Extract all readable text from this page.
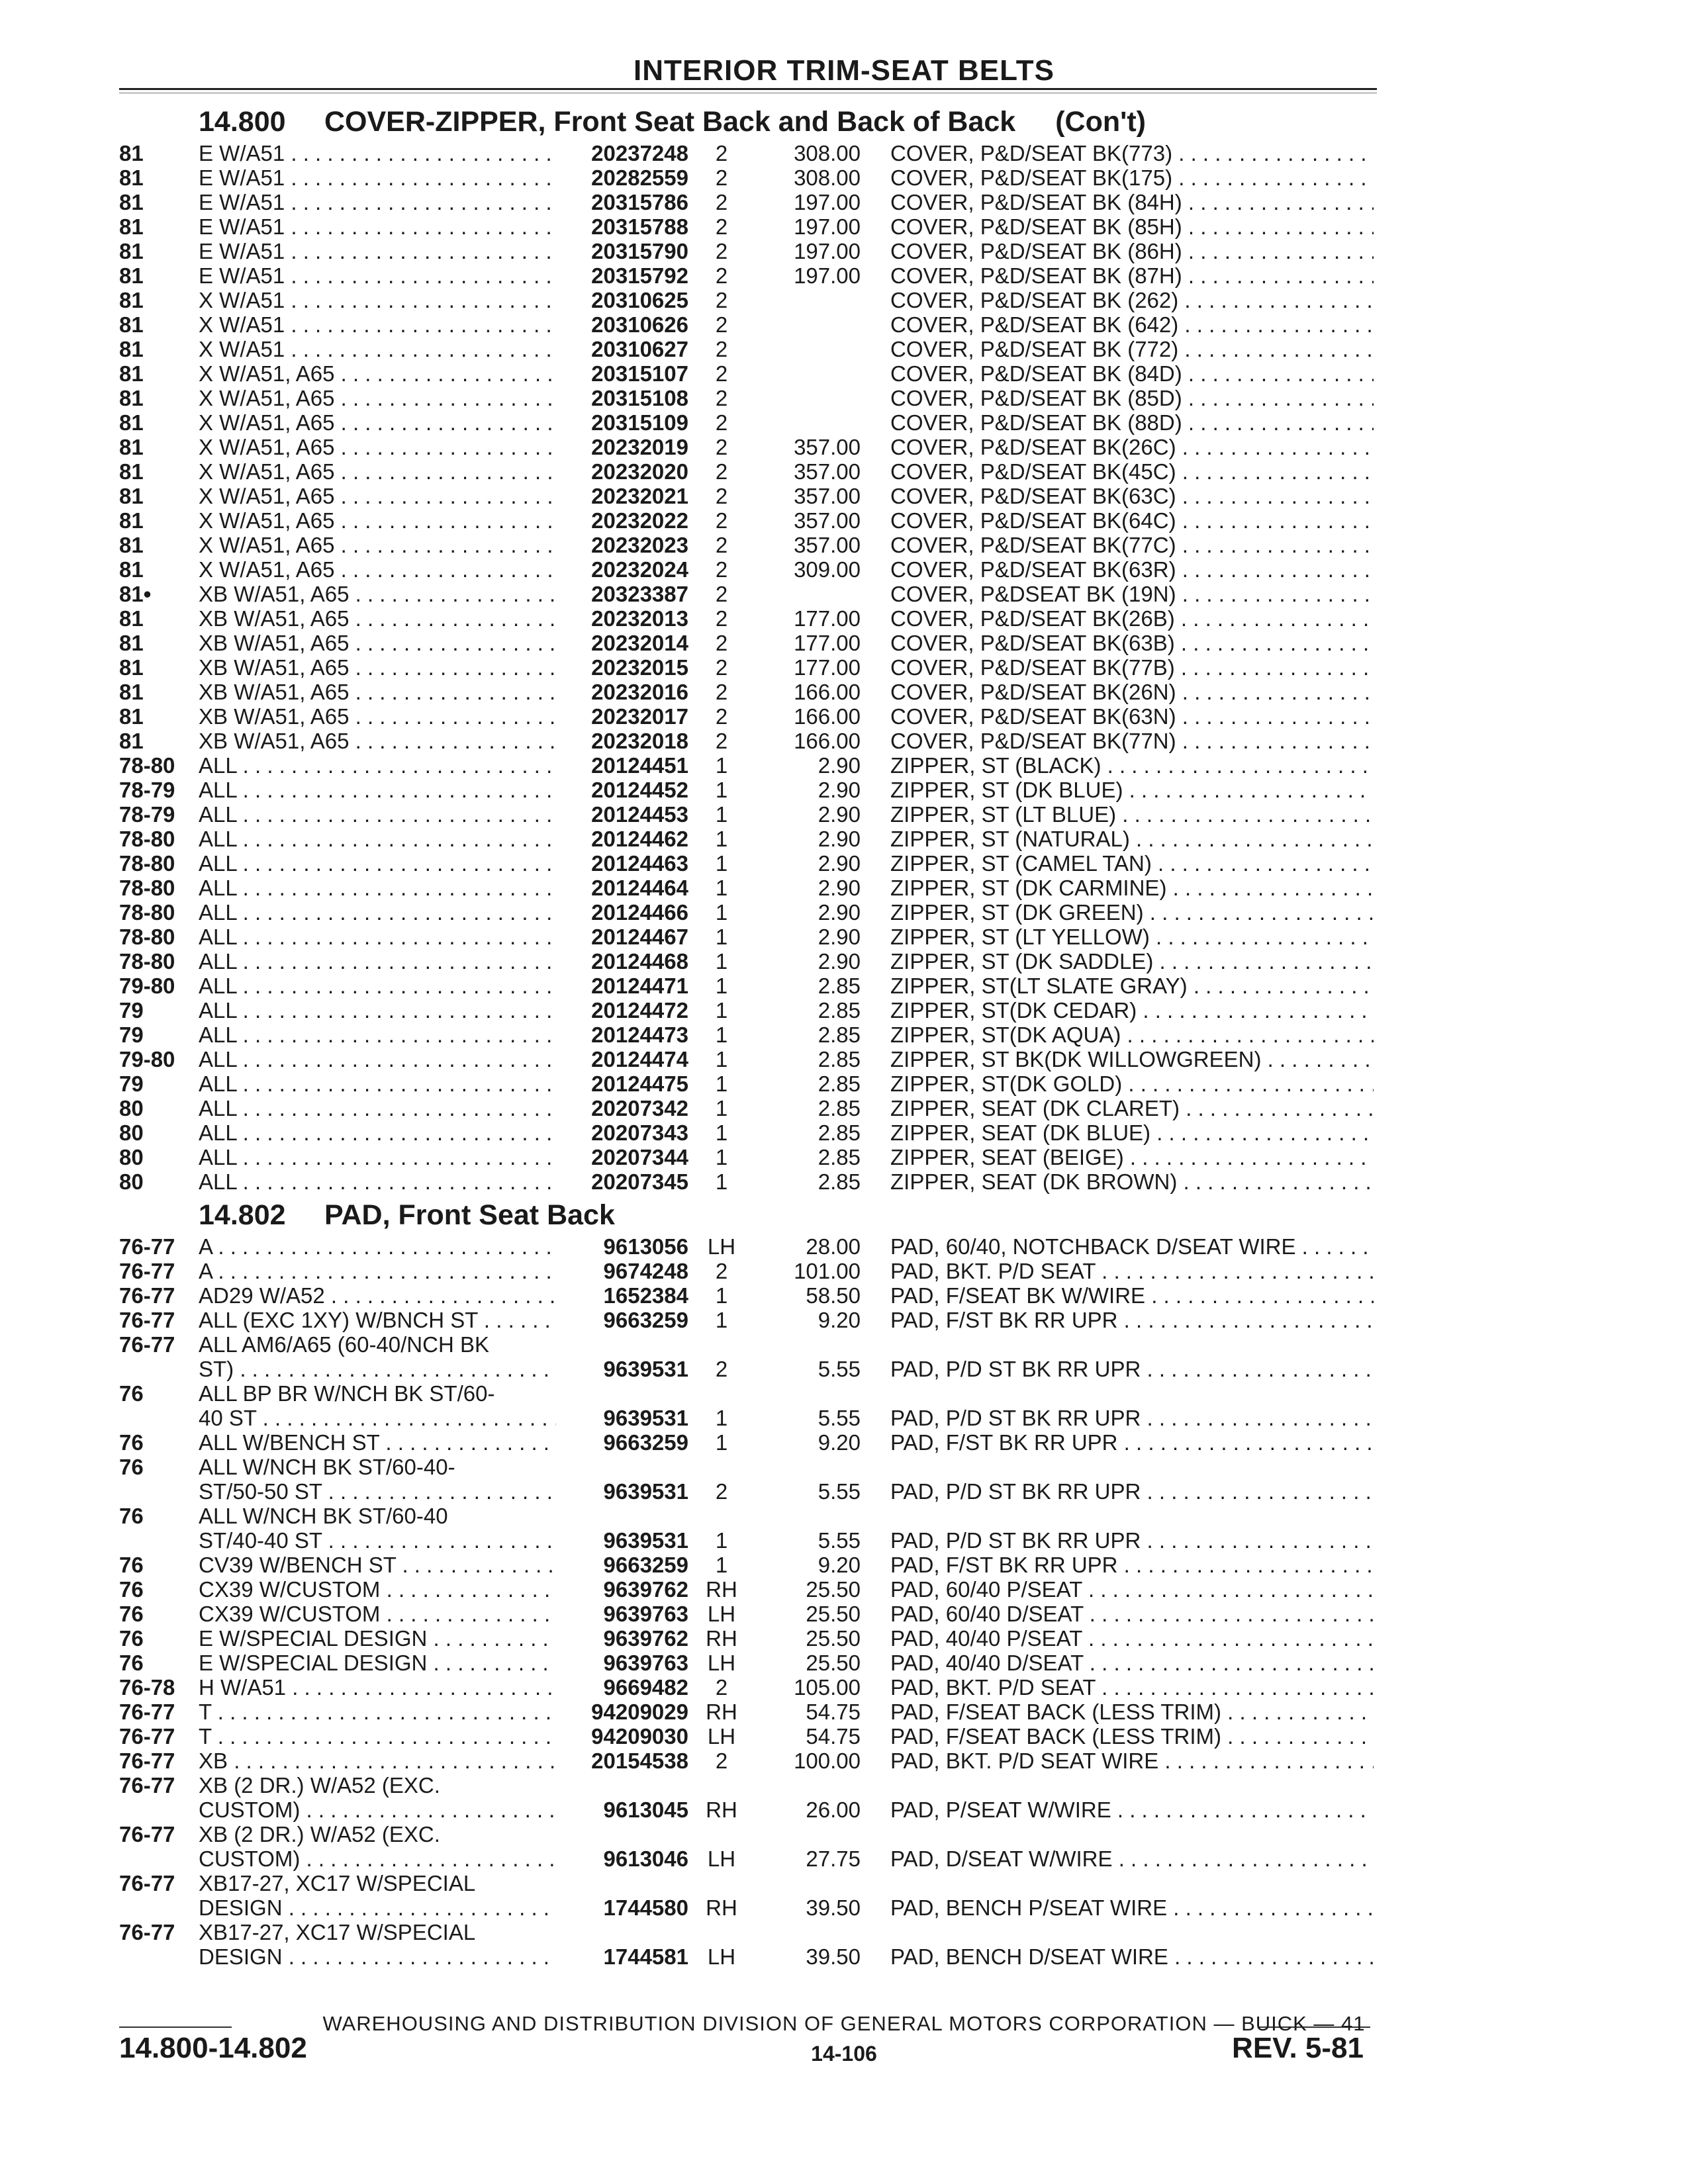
INTERIOR TRIM-SEAT BELTS
14.800 COVER-ZIPPER, Front Seat Back and Back of Back (Con't)
81	E W/A51 . . .	20237248	2	308.00 COVER, P&D/SEAT BK(773) . . .
81	E W/A51 . . .	20282559	2	308.00 COVER, P&D/SEAT BK(175) . . .
81	E W/A51 . . .	20315786	2	197.00 COVER, P&D/SEAT BK (84H) . . .
81	E W/A51 . . .	20315788	2	197.00 COVER, P&D/SEAT BK (85H) . . .
81	E W/A51 . . .	20315790	2	197.00 COVER, P&D/SEAT BK (86H) . . .
81	E W/A51 . . .	20315792	2	197.00 COVER, P&D/SEAT BK (87H) . . .
81	X W/A51 . . .	20310625	2	COVER, P&D/SEAT BK (262) . . .
81	X W/A51 . . .	20310626	2	COVER, P&D/SEAT BK (642) . . .
81	X W/A51 . . .	20310627	2	COVER, P&D/SEAT BK (772) . . .
81	X W/A51, A65 . . .	20315107	2	COVER, P&D/SEAT BK (84D) . . .
81	X W/A51, A65 . . .	20315108	2	COVER, P&D/SEAT BK (85D) . . .
81	X W/A51, A65 . . .	20315109	2	COVER, P&D/SEAT BK (88D) . . .
81	X W/A51, A65 . . .	20232019	2	357.00 COVER, P&D/SEAT BK(26C) . . .
81	X W/A51, A65 . . .	20232020	2	357.00 COVER, P&D/SEAT BK(45C) . . .
81	X W/A51, A65 . . .	20232021	2	357.00 COVER, P&D/SEAT BK(63C) . . .
81	X W/A51, A65 . . .	20232022	2	357.00 COVER, P&D/SEAT BK(64C) . . .
81	X W/A51, A65 . . .	20232023	2	357.00 COVER, P&D/SEAT BK(77C) . . .
81	X W/A51, A65 . . .	20232024	2	309.00 COVER, P&D/SEAT BK(63R) . . .
81•	XB W/A51, A65 . . .	20323387	2	COVER, P&DSEAT BK (19N) . . .
81	XB W/A51, A65 . . .	20232013	2	177.00 COVER, P&D/SEAT BK(26B) . . .
81	XB W/A51, A65 . . .	20232014	2	177.00 COVER, P&D/SEAT BK(63B) . . .
81	XB W/A51, A65 . . .	20232015	2	177.00 COVER, P&D/SEAT BK(77B) . . .
81	XB W/A51, A65 . . .	20232016	2	166.00 COVER, P&D/SEAT BK(26N) . . .
81	XB W/A51, A65 . . .	20232017	2	166.00 COVER, P&D/SEAT BK(63N) . . .
81	XB W/A51, A65 . . .	20232018	2	166.00 COVER, P&D/SEAT BK(77N) . . .
78-80	ALL . . .	20124451	1	2.90 ZIPPER, ST (BLACK) . . .
78-79	ALL . . .	20124452	1	2.90 ZIPPER, ST (DK BLUE) . . .
78-79	ALL . . .	20124453	1	2.90 ZIPPER, ST (LT BLUE) . . .
78-80	ALL . . .	20124462	1	2.90 ZIPPER, ST (NATURAL) . . .
78-80	ALL . . .	20124463	1	2.90 ZIPPER, ST (CAMEL TAN) . . .
78-80	ALL . . .	20124464	1	2.90 ZIPPER, ST (DK CARMINE) . . .
78-80	ALL . . .	20124466	1	2.90 ZIPPER, ST (DK GREEN) . . .
78-80	ALL . . .	20124467	1	2.90 ZIPPER, ST (LT YELLOW) . . .
78-80	ALL . . .	20124468	1	2.90 ZIPPER, ST (DK SADDLE) . . .
79-80	ALL . . .	20124471	1	2.85 ZIPPER, ST(LT SLATE GRAY) . . .
79	ALL . . .	20124472	1	2.85 ZIPPER, ST(DK CEDAR) . . .
79	ALL . . .	20124473	1	2.85 ZIPPER, ST(DK AQUA) . . .
79-80	ALL . . .	20124474	1	2.85 ZIPPER, ST BK(DK WILLOWGREEN) . . .
79	ALL . . .	20124475	1	2.85 ZIPPER, ST(DK GOLD) . . .
80	ALL . . .	20207342	1	2.85 ZIPPER, SEAT (DK CLARET) . . .
80	ALL . . .	20207343	1	2.85 ZIPPER, SEAT (DK BLUE) . . .
80	ALL . . .	20207344	1	2.85 ZIPPER, SEAT (BEIGE) . . .
80	ALL . . .	20207345	1	2.85 ZIPPER, SEAT (DK BROWN) . . .
14.802 PAD, Front Seat Back
76-77	A . . .	9613056 LH	28.00 PAD, 60/40, NOTCHBACK D/SEAT WIRE . . .
76-77	A . . .	9674248	2	101.00 PAD, BKT. P/D SEAT . . .
76-77	AD29 W/A52 . . .	1652384	1	58.50 PAD, F/SEAT BK W/WIRE . . .
76-77	ALL (EXC 1XY) W/BNCH ST . . .	9663259	1	9.20 PAD, F/ST BK RR UPR . . .
76-77	ALL AM6/A65 (60-40/NCH BK
ST) . . .	9639531	2	5.55 PAD, P/D ST BK RR UPR . . .
76	ALL BP BR W/NCH BK ST/60-
40 ST . . .	9639531	1	5.55 PAD, P/D ST BK RR UPR . . .
76	ALL W/BENCH ST . . .	9663259	1	9.20 PAD, F/ST BK RR UPR . . .
76	ALL W/NCH BK ST/60-40-
ST/50-50 ST . . .	9639531	2	5.55 PAD, P/D ST BK RR UPR . . .
76	ALL W/NCH BK ST/60-40
ST/40-40 ST . . .	9639531	1	5.55 PAD, P/D ST BK RR UPR . . .
76	CV39 W/BENCH ST . . .	9663259	1	9.20 PAD, F/ST BK RR UPR . . .
76	CX39 W/CUSTOM . . .	9639762 RH	25.50 PAD, 60/40 P/SEAT . . .
76	CX39 W/CUSTOM . . .	9639763 LH	25.50 PAD, 60/40 D/SEAT . . .
76	E W/SPECIAL DESIGN . . .	9639762 RH	25.50 PAD, 40/40 P/SEAT . . .
76	E W/SPECIAL DESIGN . . .	9639763 LH	25.50 PAD, 40/40 D/SEAT . . .
76-78	H W/A51 . . .	9669482	2	105.00 PAD, BKT. P/D SEAT . . .
76-77	T . . .	94209029 RH	54.75 PAD, F/SEAT BACK (LESS TRIM) . . .
76-77	T . . .	94209030 LH	54.75 PAD, F/SEAT BACK (LESS TRIM) . . .
76-77	XB . . .	20154538	2	100.00 PAD, BKT. P/D SEAT WIRE . . .
76-77	XB (2 DR.) W/A52 (EXC.
CUSTOM) . . .	9613045 RH	26.00 PAD, P/SEAT W/WIRE . . .
76-77	XB (2 DR.) W/A52 (EXC.
CUSTOM) . . .	9613046 LH	27.75 PAD, D/SEAT W/WIRE . . .
76-77	XB17-27, XC17 W/SPECIAL
DESIGN . . .	1744580 RH	39.50 PAD, BENCH P/SEAT WIRE . . .
76-77	XB17-27, XC17 W/SPECIAL
DESIGN . . .	1744581 LH	39.50 PAD, BENCH D/SEAT WIRE . . .
WAREHOUSING AND DISTRIBUTION DIVISION OF GENERAL MOTORS CORPORATION — BUICK — 41
14.800-14.802	14-106	REV. 5-81
